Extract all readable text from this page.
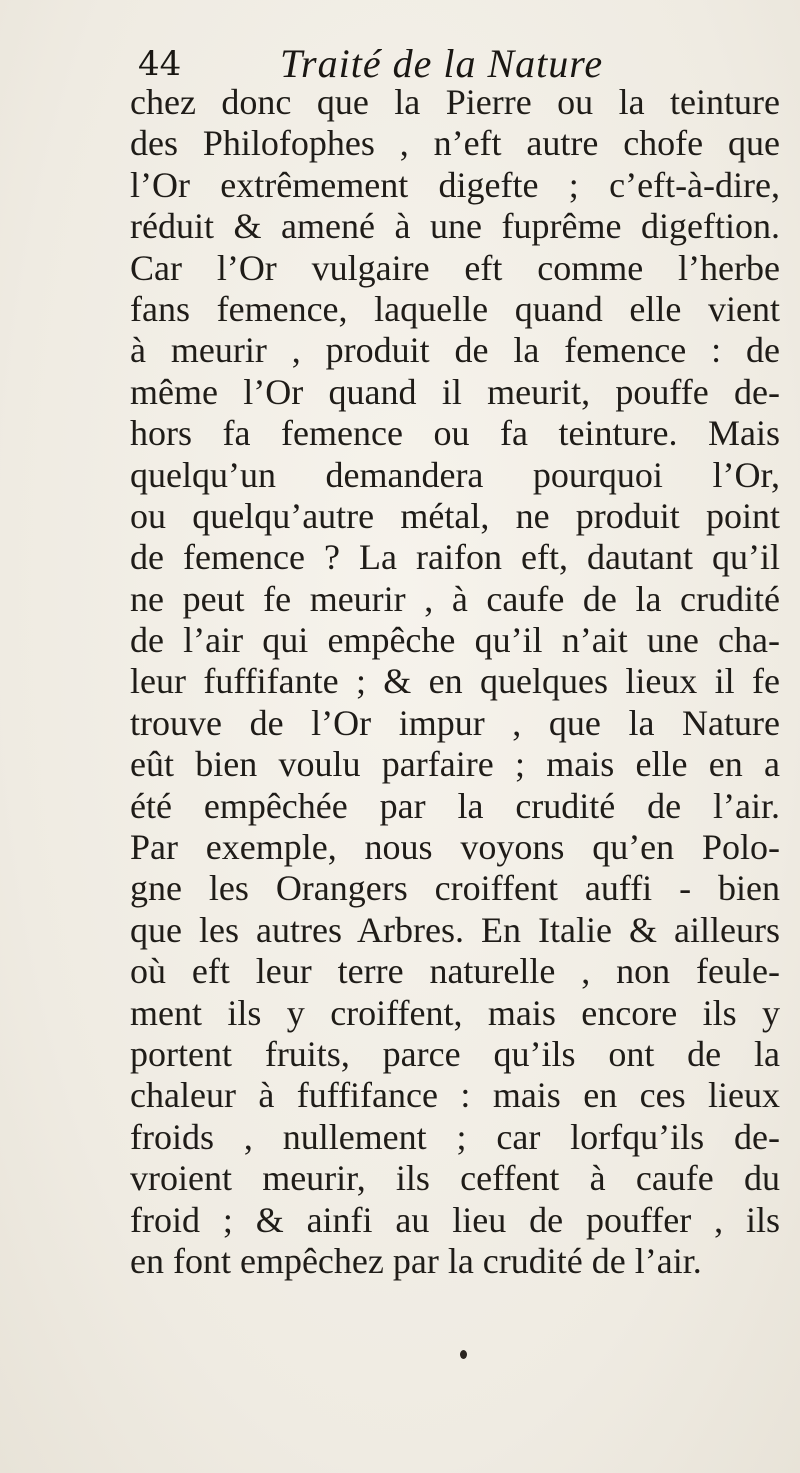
44 Traité de la Nature
chez donc que la Pierre ou la teinture
des Philofophes , n’eft autre chofe que
l’Or extrêmement digefte ; c’eft-à-dire,
réduit & amené à une fuprême digeftion.
Car l’Or vulgaire eft comme l’herbe
fans femence, laquelle quand elle vient
à meurir , produit de la femence : de
même l’Or quand il meurit, pouffe de-
hors fa femence ou fa teinture. Mais
quelqu’un demandera pourquoi l’Or,
ou quelqu’autre métal, ne produit point
de femence ? La raifon eft, dautant qu’il
ne peut fe meurir , à caufe de la crudité
de l’air qui empêche qu’il n’ait une cha-
leur fuffifante ; & en quelques lieux il fe
trouve de l’Or impur , que la Nature
eût bien voulu parfaire ; mais elle en a
été empêchée par la crudité de l’air.
Par exemple, nous voyons qu’en Polo-
gne les Orangers croiffent auffi - bien
que les autres Arbres. En Italie & ailleurs
où eft leur terre naturelle , non feule-
ment ils y croiffent, mais encore ils y
portent fruits, parce qu’ils ont de la
chaleur à fuffifance : mais en ces lieux
froids , nullement ; car lorfqu’ils de-
vroient meurir, ils ceffent à caufe du
froid ; & ainfi au lieu de pouffer , ils
en font empêchez par la crudité de l’air.
